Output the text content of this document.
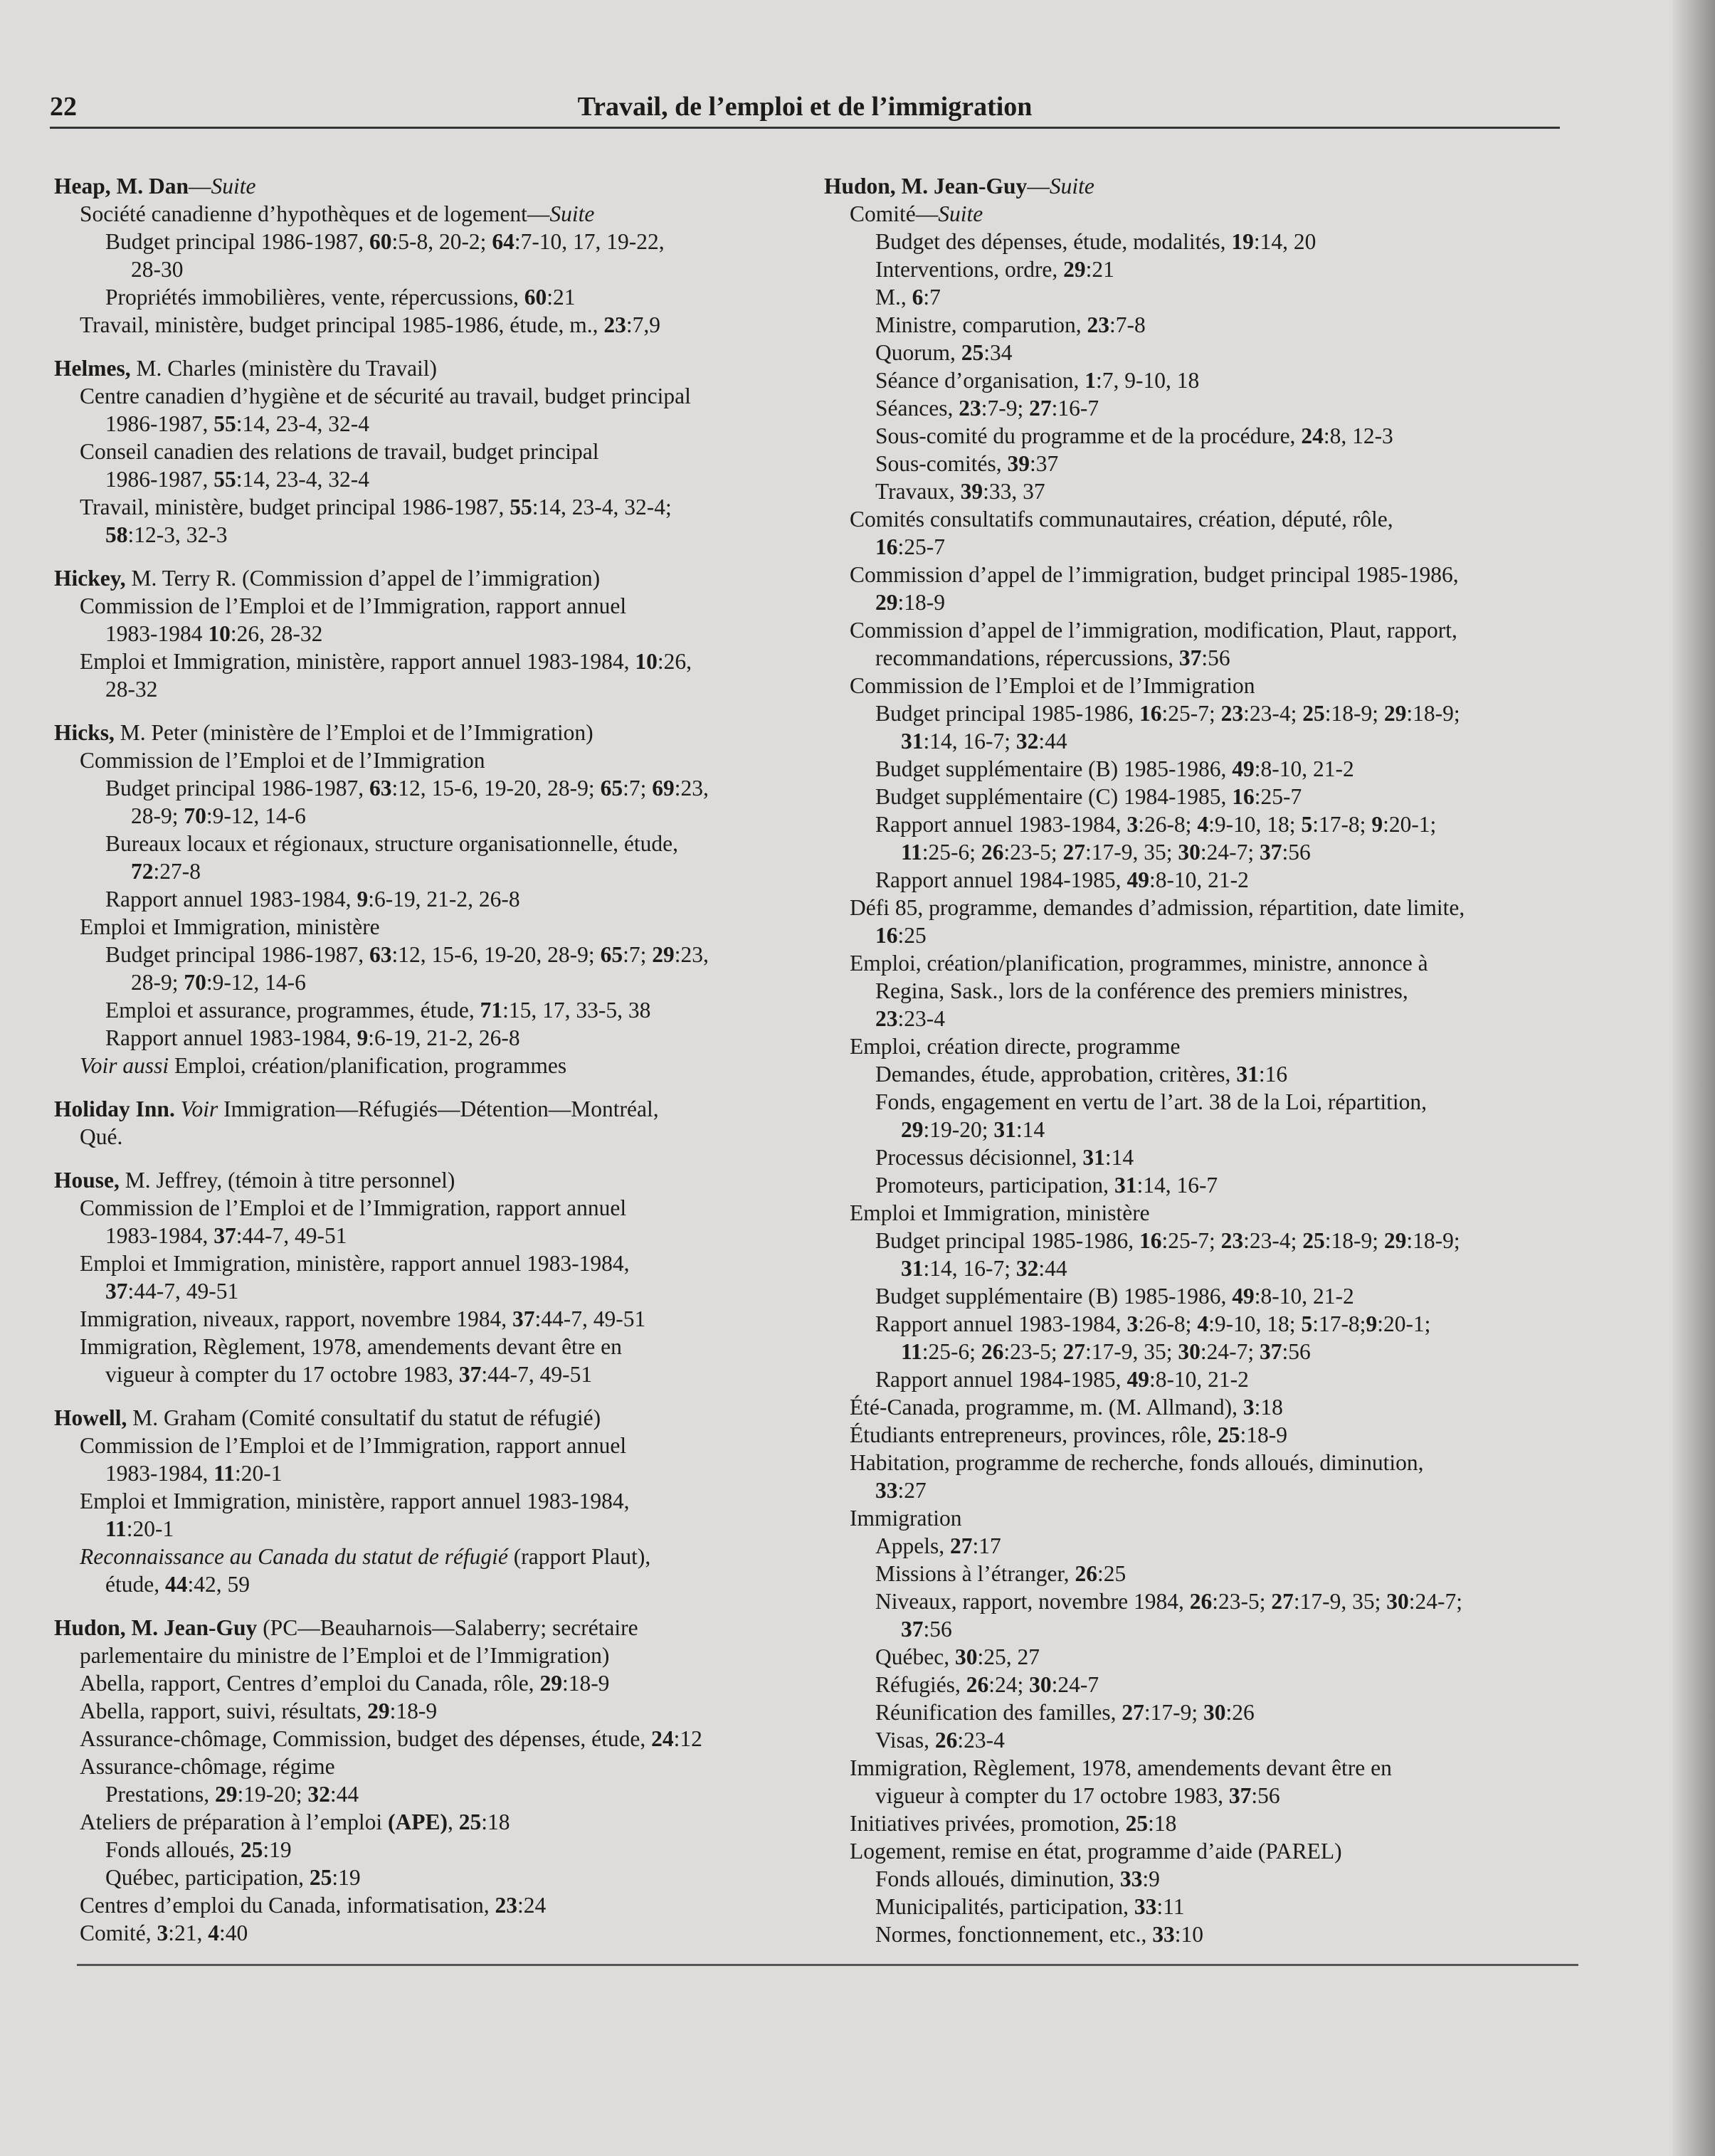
Travail, de l’emploi et de l’immigration
22
Heap, M. Dan—Suite
Société canadienne d’hypothèques et de logement—Suite
Budget principal 1986-1987, 60:5-8, 20-2; 64:7-10, 17, 19-22,
28-30
Propriétés immobilières, vente, répercussions, 60:21
Travail, ministère, budget principal 1985-1986, étude, m., 23:7,9
Helmes, M. Charles (ministère du Travail)
Centre canadien d’hygiène et de sécurité au travail, budget principal
1986-1987, 55:14, 23-4, 32-4
Conseil canadien des relations de travail, budget principal
1986-1987, 55:14, 23-4, 32-4
Travail, ministère, budget principal 1986-1987, 55:14, 23-4, 32-4;
58:12-3, 32-3
Hickey, M. Terry R. (Commission d’appel de l’immigration)
Commission de l’Emploi et de l’Immigration, rapport annuel
1983-1984 10:26, 28-32
Emploi et Immigration, ministère, rapport annuel 1983-1984, 10:26,
28-32
Hicks, M. Peter (ministère de l’Emploi et de l’Immigration)
Commission de l’Emploi et de l’Immigration
Budget principal 1986-1987, 63:12, 15-6, 19-20, 28-9; 65:7; 69:23,
28-9; 70:9-12, 14-6
Bureaux locaux et régionaux, structure organisationnelle, étude,
72:27-8
Rapport annuel 1983-1984, 9:6-19, 21-2, 26-8
Emploi et Immigration, ministère
Budget principal 1986-1987, 63:12, 15-6, 19-20, 28-9; 65:7; 29:23,
28-9; 70:9-12, 14-6
Emploi et assurance, programmes, étude, 71:15, 17, 33-5, 38
Rapport annuel 1983-1984, 9:6-19, 21-2, 26-8
Voir aussi Emploi, création/planification, programmes
Holiday Inn. Voir Immigration—Réfugiés—Détention—Montréal,
Qué.
House, M. Jeffrey, (témoin à titre personnel)
Commission de l’Emploi et de l’Immigration, rapport annuel
1983-1984, 37:44-7, 49-51
Emploi et Immigration, ministère, rapport annuel 1983-1984,
37:44-7, 49-51
Immigration, niveaux, rapport, novembre 1984, 37:44-7, 49-51
Immigration, Règlement, 1978, amendements devant être en
vigueur à compter du 17 octobre 1983, 37:44-7, 49-51
Howell, M. Graham (Comité consultatif du statut de réfugié)
Commission de l’Emploi et de l’Immigration, rapport annuel
1983-1984, 11:20-1
Emploi et Immigration, ministère, rapport annuel 1983-1984,
11:20-1
Reconnaissance au Canada du statut de réfugié (rapport Plaut),
étude, 44:42, 59
Hudon, M. Jean-Guy (PC—Beauharnois—Salaberry; secrétaire
parlementaire du ministre de l’Emploi et de l’Immigration)
Abella, rapport, Centres d’emploi du Canada, rôle, 29:18-9
Abella, rapport, suivi, résultats, 29:18-9
Assurance-chômage, Commission, budget des dépenses, étude, 24:12
Assurance-chômage, régime
Prestations, 29:19-20; 32:44
Ateliers de préparation à l’emploi (APE), 25:18
Fonds alloués, 25:19
Québec, participation, 25:19
Centres d’emploi du Canada, informatisation, 23:24
Comité, 3:21, 4:40
Hudon, M. Jean-Guy—Suite
Comité—Suite
Budget des dépenses, étude, modalités, 19:14, 20
Interventions, ordre, 29:21
M., 6:7
Ministre, comparution, 23:7-8
Quorum, 25:34
Séance d’organisation, 1:7, 9-10, 18
Séances, 23:7-9; 27:16-7
Sous-comité du programme et de la procédure, 24:8, 12-3
Sous-comités, 39:37
Travaux, 39:33, 37
Comités consultatifs communautaires, création, député, rôle,
16:25-7
Commission d’appel de l’immigration, budget principal 1985-1986,
29:18-9
Commission d’appel de l’immigration, modification, Plaut, rapport,
recommandations, répercussions, 37:56
Commission de l’Emploi et de l’Immigration
Budget principal 1985-1986, 16:25-7; 23:23-4; 25:18-9; 29:18-9;
31:14, 16-7; 32:44
Budget supplémentaire (B) 1985-1986, 49:8-10, 21-2
Budget supplémentaire (C) 1984-1985, 16:25-7
Rapport annuel 1983-1984, 3:26-8; 4:9-10, 18; 5:17-8; 9:20-1;
11:25-6; 26:23-5; 27:17-9, 35; 30:24-7; 37:56
Rapport annuel 1984-1985, 49:8-10, 21-2
Défi 85, programme, demandes d’admission, répartition, date limite,
16:25
Emploi, création/planification, programmes, ministre, annonce à
Regina, Sask., lors de la conférence des premiers ministres,
23:23-4
Emploi, création directe, programme
Demandes, étude, approbation, critères, 31:16
Fonds, engagement en vertu de l’art. 38 de la Loi, répartition,
29:19-20; 31:14
Processus décisionnel, 31:14
Promoteurs, participation, 31:14, 16-7
Emploi et Immigration, ministère
Budget principal 1985-1986, 16:25-7; 23:23-4; 25:18-9; 29:18-9;
31:14, 16-7; 32:44
Budget supplémentaire (B) 1985-1986, 49:8-10, 21-2
Rapport annuel 1983-1984, 3:26-8; 4:9-10, 18; 5:17-8;9:20-1;
11:25-6; 26:23-5; 27:17-9, 35; 30:24-7; 37:56
Rapport annuel 1984-1985, 49:8-10, 21-2
Été-Canada, programme, m. (M. Allmand), 3:18
Étudiants entrepreneurs, provinces, rôle, 25:18-9
Habitation, programme de recherche, fonds alloués, diminution,
33:27
Immigration
Appels, 27:17
Missions à l’étranger, 26:25
Niveaux, rapport, novembre 1984, 26:23-5; 27:17-9, 35; 30:24-7;
37:56
Québec, 30:25, 27
Réfugiés, 26:24; 30:24-7
Réunification des familles, 27:17-9; 30:26
Visas, 26:23-4
Immigration, Règlement, 1978, amendements devant être en
vigueur à compter du 17 octobre 1983, 37:56
Initiatives privées, promotion, 25:18
Logement, remise en état, programme d’aide (PAREL)
Fonds alloués, diminution, 33:9
Municipalités, participation, 33:11
Normes, fonctionnement, etc., 33:10
